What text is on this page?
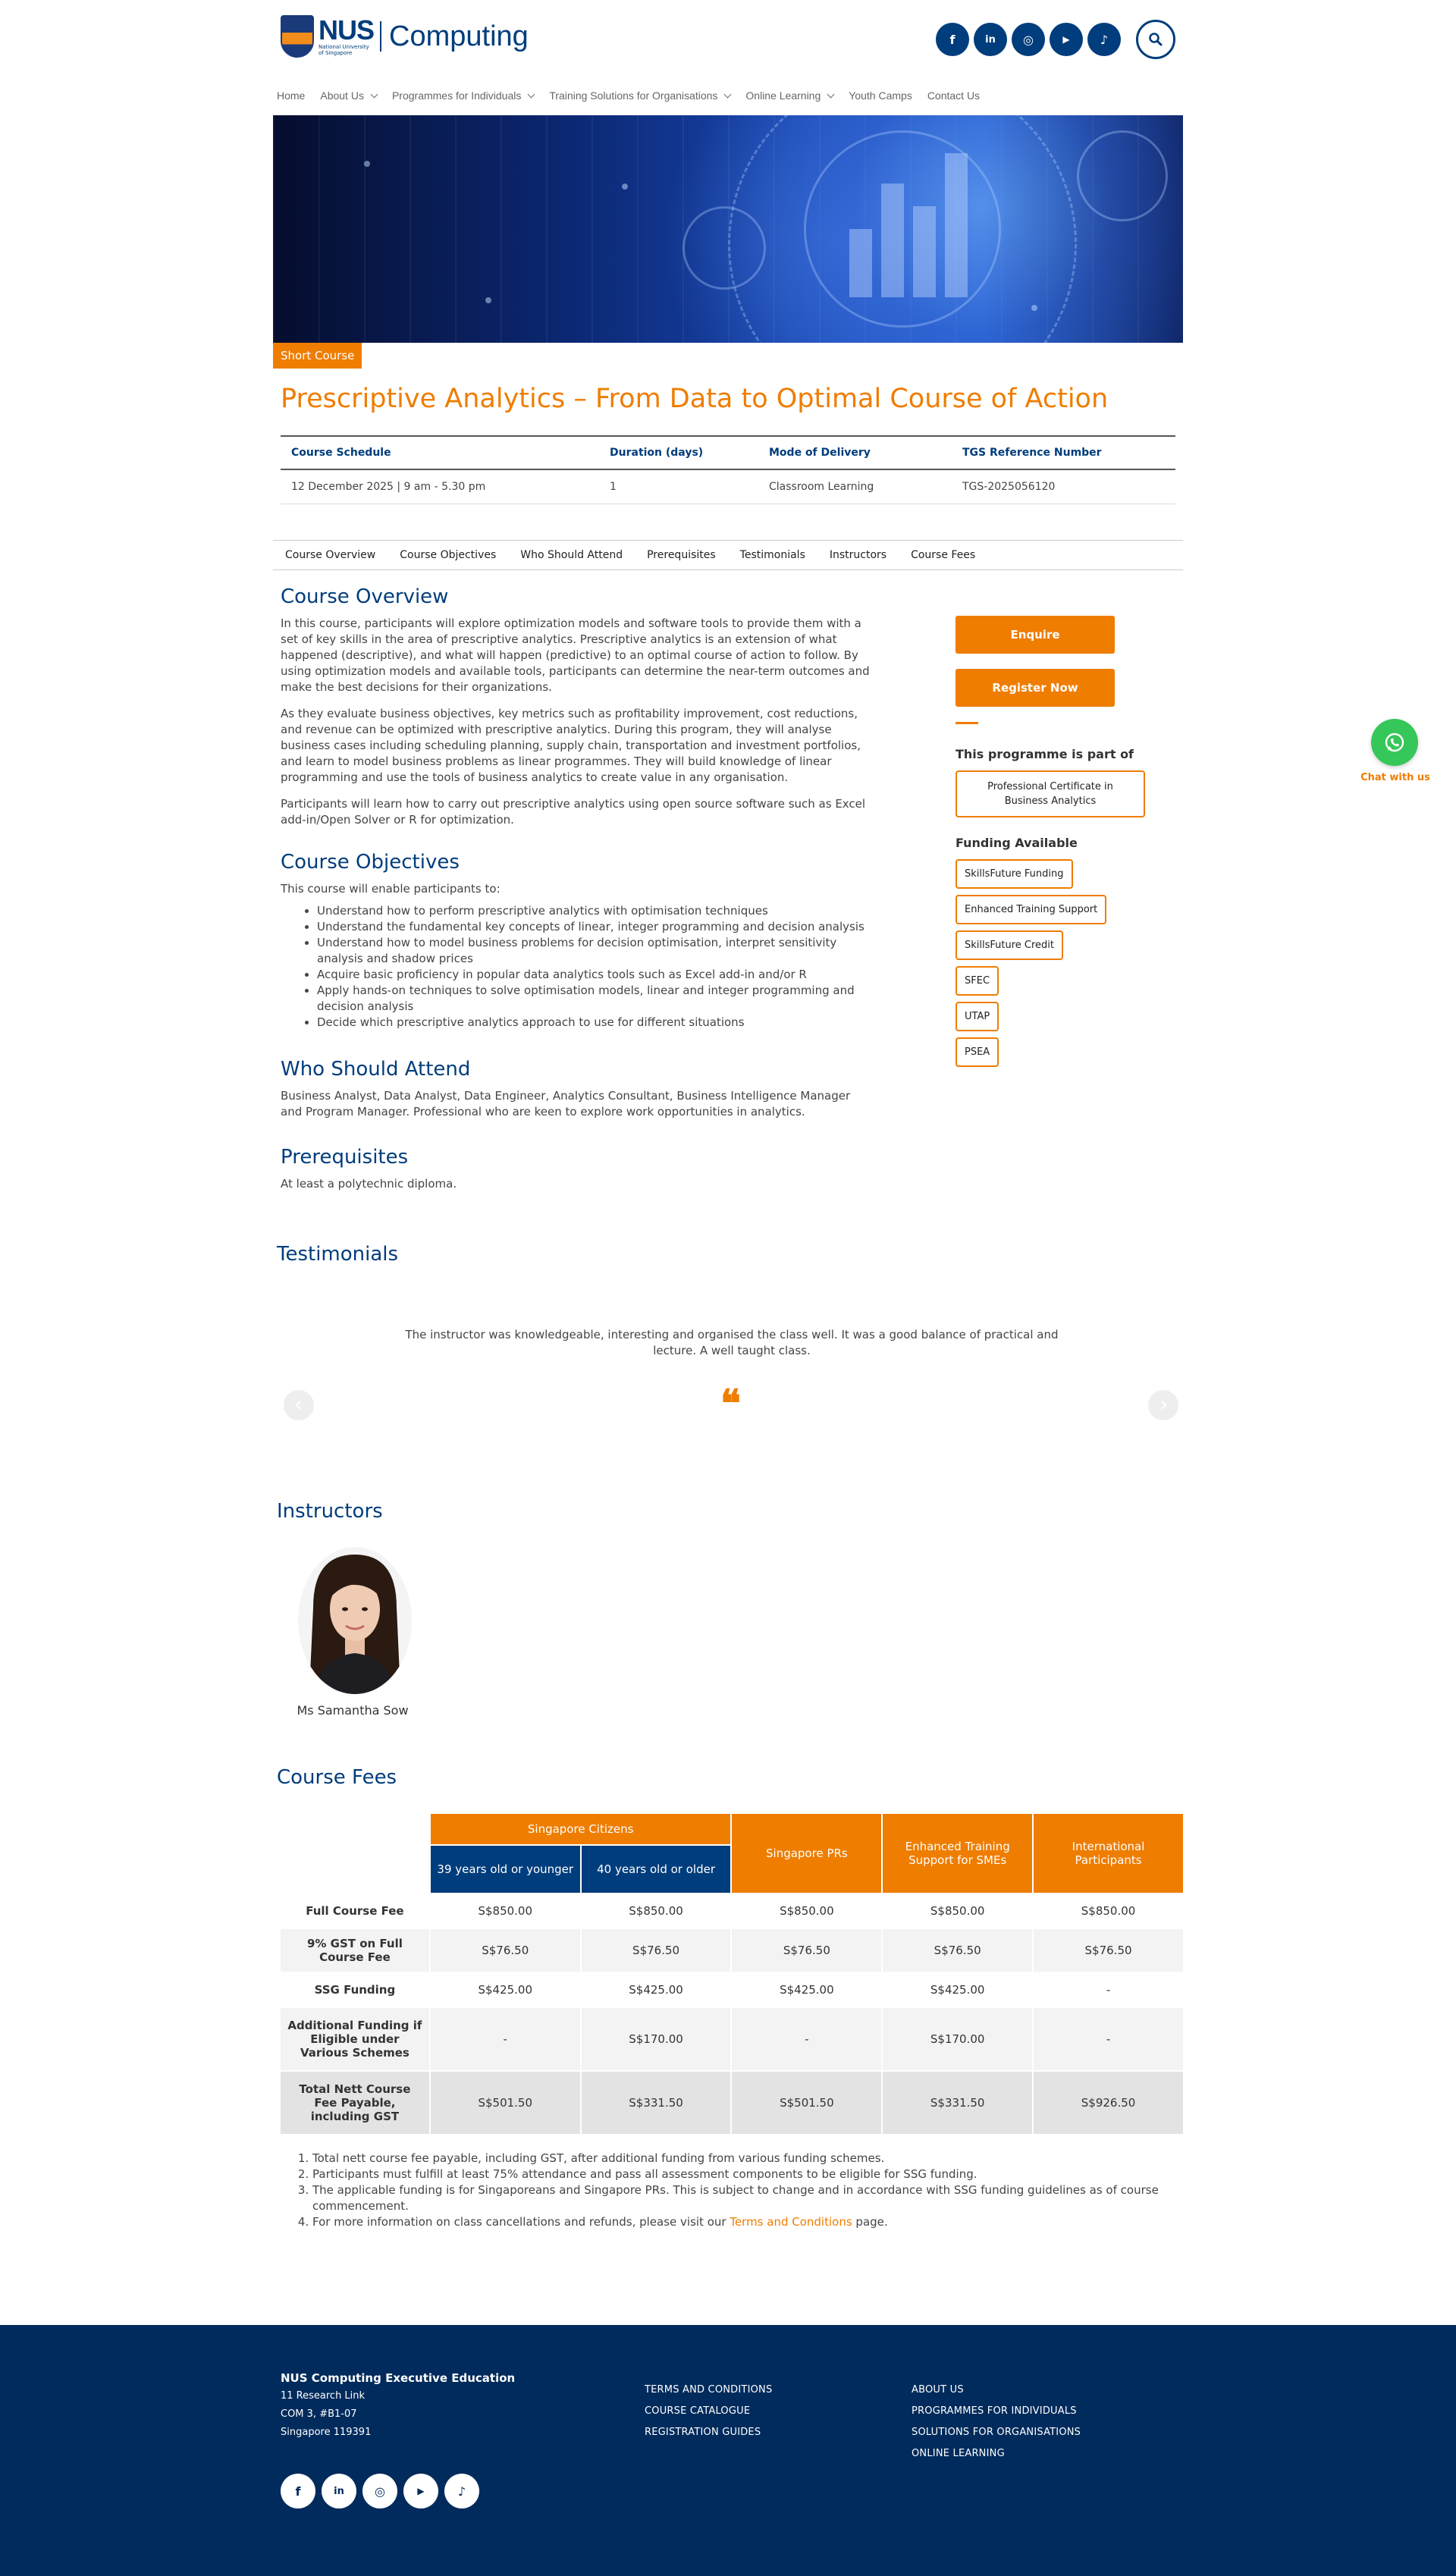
NUS
National University
of Singapore
Computing	f	in	◎	▶	♪
Home About Us	Programmes for Individuals	Training Solutions for Organisations	Online Learning	Youth Camps Contact Us
Short Course
Prescriptive Analytics – From Data to Optimal Course of Action
Course Schedule	Duration (days)	Mode of Delivery	TGS Reference Number
12 December 2025 | 9 am - 5.30 pm	1	Classroom Learning	TGS-2025056120
Course Overview Course Objectives Who Should Attend Prerequisites Testimonials Instructors Course Fees
Course Overview

In this course, participants will explore optimization models and software tools to provide them with a set of key skills in the area of prescriptive analytics. Prescriptive analytics is an extension of what happened (descriptive), and what will happen (predictive) to an optimal course of action to follow. By using optimization models and available tools, participants can determine the near-term outcomes and make the best decisions for their organizations.

As they evaluate business objectives, key metrics such as profitability improvement, cost reductions, and revenue can be optimized with prescriptive analytics. During this program, they will analyse business cases including scheduling planning, supply chain, transportation and investment portfolios, and learn to model business problems as linear programmes. They will build knowledge of linear programming and use the tools of business analytics to create value in any organisation.

Participants will learn how to carry out prescriptive analytics using open source software such as Excel add-in/Open Solver or R for optimization.

Course Objectives

This course will enable participants to:

• Understand how to perform prescriptive analytics with optimisation techniques
• Understand the fundamental key concepts of linear, integer programming and decision analysis
• Understand how to model business problems for decision optimisation, interpret sensitivity analysis and shadow prices
• Acquire basic proficiency in popular data analytics tools such as Excel add-in and/or R
• Apply hands-on techniques to solve optimisation models, linear and integer programming and decision analysis
• Decide which prescriptive analytics approach to use for different situations
Who Should Attend

Business Analyst, Data Analyst, Data Engineer, Analytics Consultant, Business Intelligence Manager and Program Manager. Professional who are keen to explore work opportunities in analytics.

Prerequisites

At least a polytechnic diploma.

Enquire
Register Now
This programme is part of
Professional Certificate in Business Analytics
Funding Available
SkillsFuture Funding
Enhanced Training Support
SkillsFuture Credit
SFEC
UTAP
PSEA
Chat with us
Testimonials

The instructor was knowledgeable, interesting and organised the class well. It was a good balance of practical and lecture. A well taught class.

❝
Instructors
Ms Samantha Sow
Course Fees
	Singapore Citizens		Singapore PRs	Enhanced Training Support for SMEs	International Participants
	39 years old or younger	40 years old or older			
Full Course Fee	S$850.00	S$850.00	S$850.00	S$850.00	S$850.00
9% GST on Full Course Fee	S$76.50	S$76.50	S$76.50	S$76.50	S$76.50
SSG Funding	S$425.00	S$425.00	S$425.00	S$425.00	-
Additional Funding if Eligible under Various Schemes	-	S$170.00	-	S$170.00	-
Total Nett Course Fee Payable, including GST	S$501.50	S$331.50	S$501.50	S$331.50	S$926.50
1. Total nett course fee payable, including GST, after additional funding from various funding schemes.
2. Participants must fulfill at least 75% attendance and pass all assessment components to be eligible for SSG funding.
3. The applicable funding is for Singaporeans and Singapore PRs. This is subject to change and in accordance with SSG funding guidelines as of course commencement.
4. For more information on class cancellations and refunds, please visit our Terms and Conditions page.
NUS Computing Executive Education
11 Research Link
COM 3, #B1-07
Singapore 119391
TERMS AND CONDITIONS
COURSE CATALOGUE
REGISTRATION GUIDES
ABOUT US
PROGRAMMES FOR INDIVIDUALS
SOLUTIONS FOR ORGANISATIONS
ONLINE LEARNING
f	in	◎	▶	♪
